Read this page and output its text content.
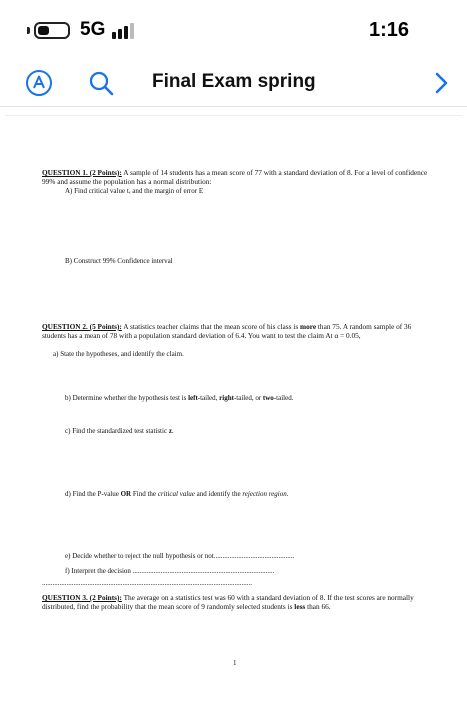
5G	1:16
Final Exam spring
QUESTION 1. (2 Points): A sample of 14 students has a mean score of 77 with a standard deviation of 8. For a level of confidence 99% and assume the population has a normal distribution:
A) Find critical value tₑ and the margin of error E
B) Construct 99% Confidence interval
QUESTION 2. (5 Points): A statistics teacher claims that the mean score of his class is more than 75. A random sample of 36 students has a mean of 78 with a population standard deviation of 6.4. You want to test the claim At α = 0.05,
a) State the hypotheses, and identify the claim.
b) Determine whether the hypothesis test is left-tailed, right-tailed, or two-tailed.
c) Find the standardized test statistic z.
d) Find the P-value OR Find the critical value and identify the rejection region.
e) Decide whether to reject the null hypothesis or not..............................................
f) Interpret the decision .................................................................................
........................................................................................................................
QUESTION 3. (2 Points): The average on a statistics test was 60 with a standard deviation of 8. If the test scores are normally distributed, find the probability that the mean score of 9 randomly selected students is less than 66.
1
